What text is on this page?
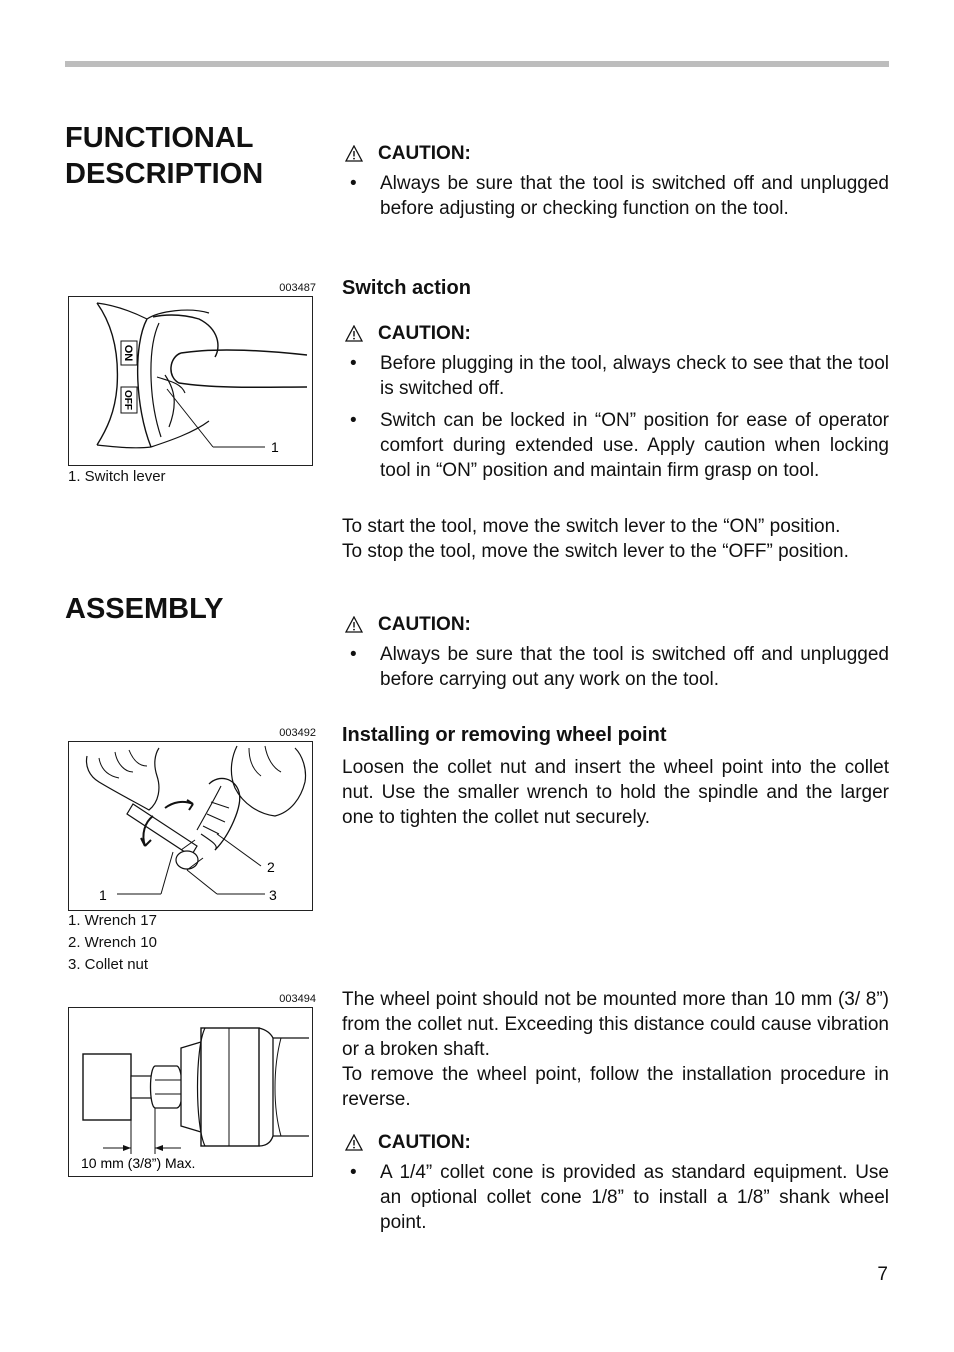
FUNCTIONAL
DESCRIPTION
CAUTION:
• Always be sure that the tool is switched off and unplugged before adjusting or checking function on the tool.
Switch action
CAUTION:
• Before plugging in the tool, always check to see that the tool is switched off.
• Switch can be locked in “ON” position for ease of operator comfort during extended use. Apply caution when locking tool in “ON” position and maintain firm grasp on tool.

To start the tool, move the switch lever to the “ON” position.

To stop the tool, move the switch lever to the “OFF” position.

003487
ON
OFF
1
1. Switch lever
ASSEMBLY	CAUTION:
• Always be sure that the tool is switched off and unplugged before carrying out any work on the tool.
Installing or removing wheel point

Loosen the collet nut and insert the wheel point into the collet nut. Use the smaller wrench to hold the spindle and the larger one to tighten the collet nut securely.

003492
1
2
3
1. Wrench 17
2. Wrench 10
3. Collet nut

The wheel point should not be mounted more than 10 mm (3/ 8”) from the collet nut. Exceeding this distance could cause vibration or a broken shaft.

To remove the wheel point, follow the installation procedure in reverse.

003494
10 mm (3/8”) Max.
CAUTION:
• A 1/4” collet cone is provided as standard equipment. Use an optional collet cone 1/8” to install a 1/8” shank wheel point.
7
